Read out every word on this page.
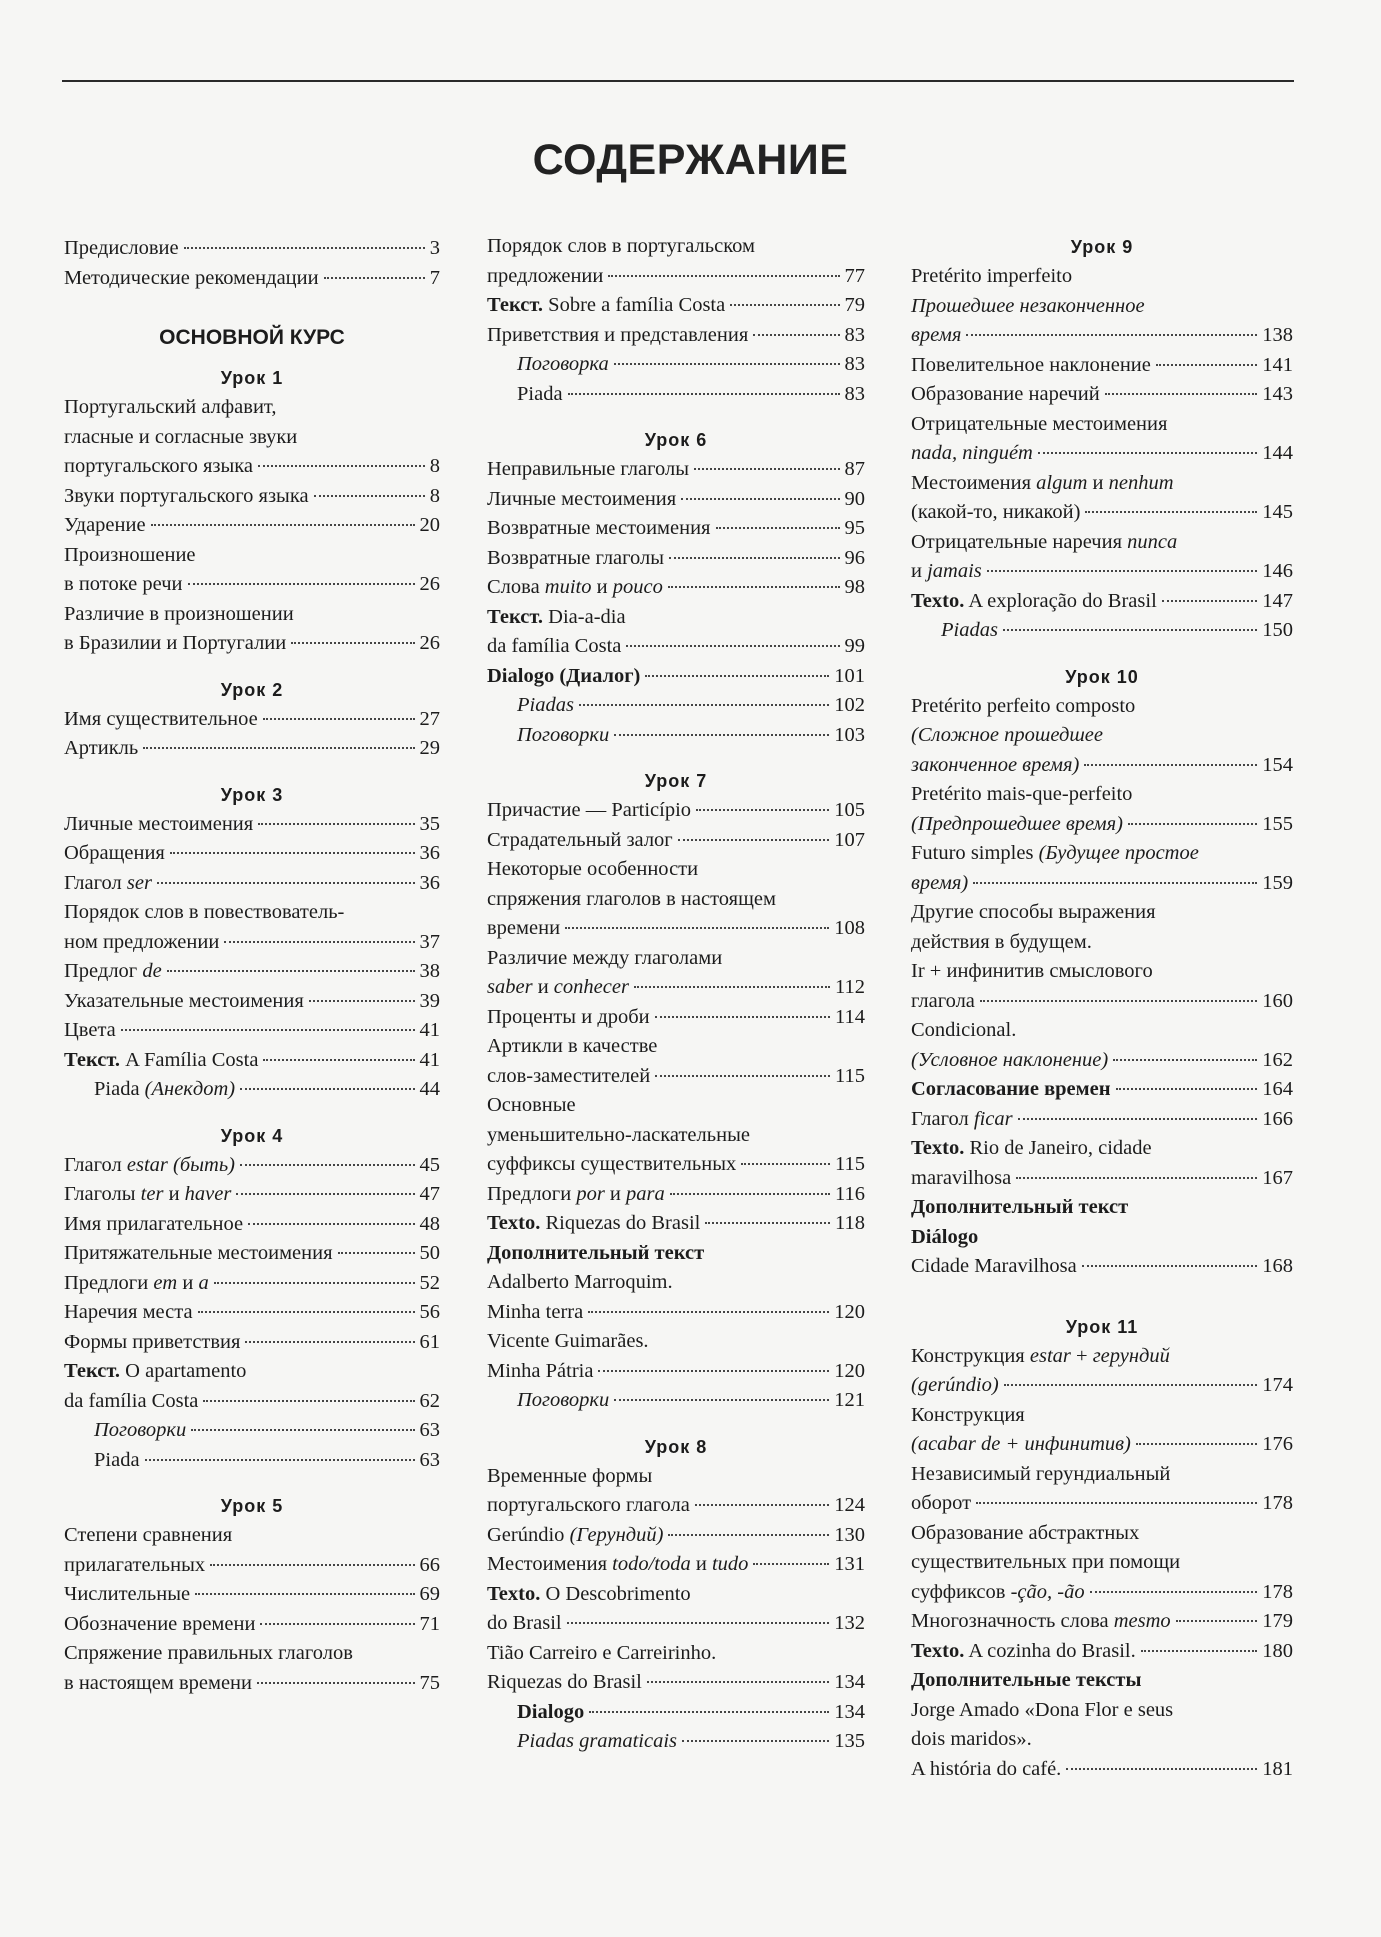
СОДЕРЖАНИЕ
Предисловие	3
Методические рекомендации	7
ОСНОВНОЙ КУРС
Урок 1
Португальский алфавит,
гласные и согласные звуки
португальского языка	8
Звуки португальского языка	8
Ударение	20
Произношение
в потоке речи	26
Различие в произношении
в Бразилии и Португалии	26
Урок 2
Имя существительное	27
Артикль	29
Урок 3
Личные местоимения	35
Обращения	36
Глагол ser	36
Порядок слов в повествователь-
ном предложении	37
Предлог de	38
Указательные местоимения	39
Цвета	41
Текст. A Família Costa	41
Piada (Анекдот)	44
Урок 4
Глагол estar (быть)	45
Глаголы ter и haver	47
Имя прилагательное	48
Притяжательные местоимения	50
Предлоги em и a	52
Наречия места	56
Формы приветствия	61
Текст. O apartamento
da família Costa	62
Поговорки	63
Piada	63
Урок 5
Степени сравнения
прилагательных	66
Числительные	69
Обозначение времени	71
Спряжение правильных глаголов
в настоящем времени	75
Порядок слов в португальском
предложении	77
Текст. Sobre a família Costa	79
Приветствия и представления	83
Поговорка	83
Piada	83
Урок 6
Неправильные глаголы	87
Личные местоимения	90
Возвратные местоимения	95
Возвратные глаголы	96
Слова muito и pouco	98
Текст. Dia-a-dia
da família Costa	99
Dialogo (Диалог)	101
Piadas	102
Поговорки	103
Урок 7
Причастие — Particípio	105
Страдательный залог	107
Некоторые особенности
спряжения глаголов в настоящем
времени	108
Различие между глаголами
saber и conhecer	112
Проценты и дроби	114
Артикли в качестве
слов-заместителей	115
Основные
уменьшительно-ласкательные
суффиксы существительных	115
Предлоги por и para	116
Texto. Riquezas do Brasil	118
Дополнительный текст
Adalberto Marroquim.
Minha terra	120
Vicente Guimarães.
Minha Pátria	120
Поговорки	121
Урок 8
Временные формы
португальского глагола	124
Gerúndio (Герундий)	130
Местоимения todo/toda и tudo	131
Texto. O Descobrimento
do Brasil	132
Tião Carreiro e Carreirinho.
Riquezas do Brasil	134
Dialogo	134
Piadas gramaticais	135
Урок 9
Pretérito imperfeito
Прошедшее незаконченное
время	138
Повелительное наклонение	141
Образование наречий	143
Отрицательные местоимения
nada, ninguém	144
Местоимения algum и nenhum
(какой-то, никакой)	145
Отрицательные наречия nunca
и jamais	146
Texto. A exploração do Brasil	147
Piadas	150
Урок 10
Pretérito perfeito composto
(Сложное прошедшее
законченное время)	154
Pretérito mais-que-perfeito
(Предпрошедшее время)	155
Futuro simples (Будущее простое
время)	159
Другие способы выражения
действия в будущем.
Ir + инфинитив смыслового
глагола	160
Condicional.
(Условное наклонение)	162
Согласование времен	164
Глагол ficar	166
Texto. Rio de Janeiro, cidade
maravilhosa	167
Дополнительный текст
Diálogo
Cidade Maravilhosa	168
Урок 11
Конструкция estar + герундий
(gerúndio)	174
Конструкция
(acabar de + инфинитив)	176
Независимый герундиальный
оборот	178
Образование абстрактных
существительных при помощи
суффиксов -ção, -ão	178
Многозначность слова mesmo	179
Texto. A cozinha do Brasil.	180
Дополнительные тексты
Jorge Amado «Dona Flor e seus
dois maridos».
A história do café.	181
